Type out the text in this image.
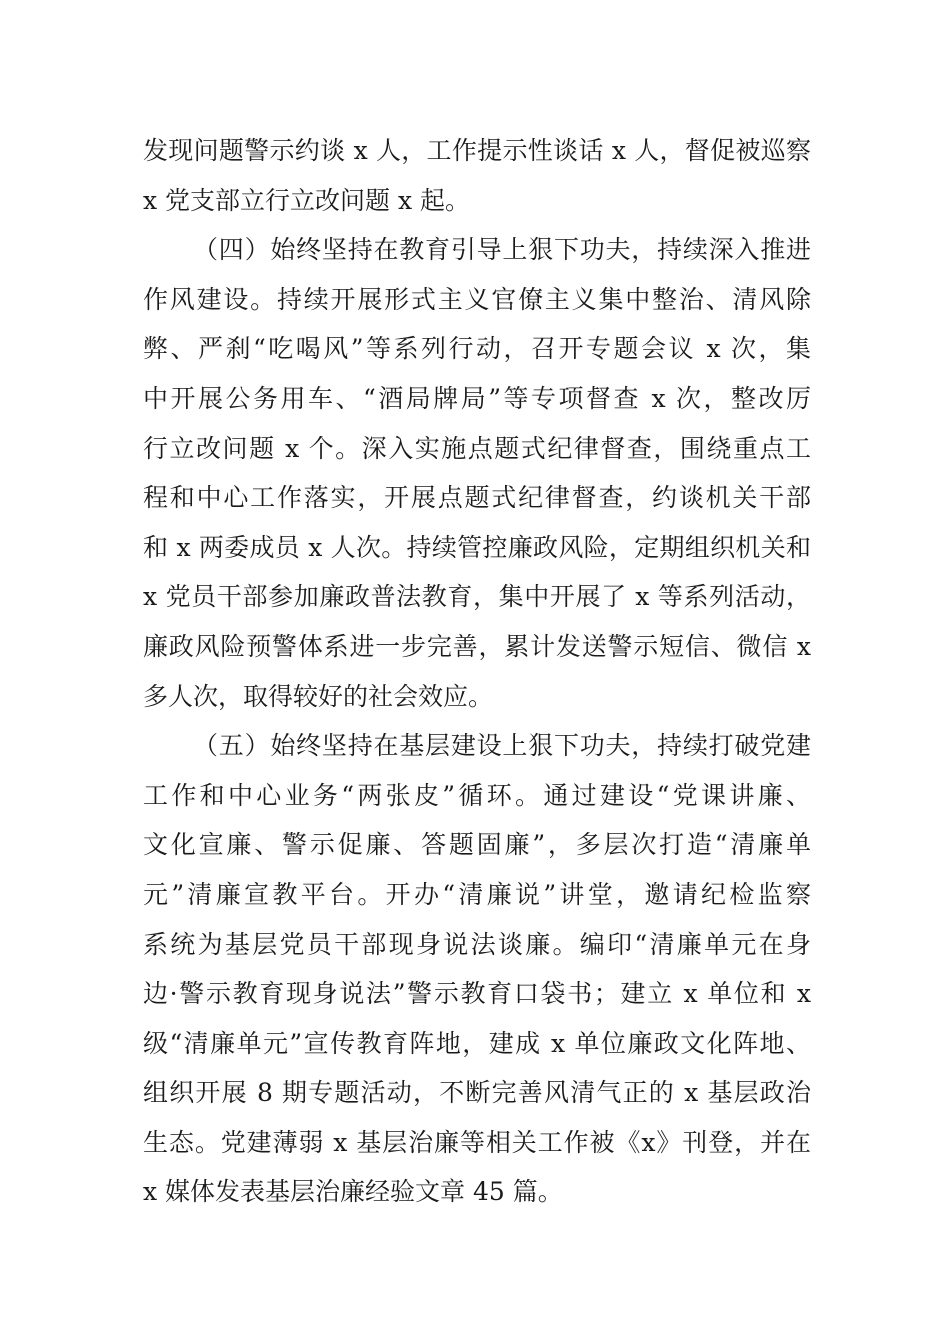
发现问题警示约谈 x 人，工作提示性谈话 x 人，督促被巡察
x 党支部立行立改问题 x 起。
（四）始终坚持在教育引导上狠下功夫，持续深入推进
作风建设。持续开展形式主义官僚主义集中整治、清风除
弊、严刹“吃喝风”等系列行动，召开专题会议 x 次，集
中开展公务用车、“酒局牌局”等专项督查 x 次，整改厉
行立改问题 x 个。深入实施点题式纪律督查，围绕重点工
程和中心工作落实，开展点题式纪律督查，约谈机关干部
和 x 两委成员 x 人次。持续管控廉政风险，定期组织机关和
x 党员干部参加廉政普法教育，集中开展了 x 等系列活动，
廉政风险预警体系进一步完善，累计发送警示短信、微信 x
多人次，取得较好的社会效应。
（五）始终坚持在基层建设上狠下功夫，持续打破党建
工作和中心业务“两张皮”循环。通过建设“党课讲廉、
文化宣廉、警示促廉、答题固廉”，多层次打造“清廉单
元”清廉宣教平台。开办“清廉说”讲堂，邀请纪检监察
系统为基层党员干部现身说法谈廉。编印“清廉单元在身
边·警示教育现身说法”警示教育口袋书；建立 x 单位和 x
级“清廉单元”宣传教育阵地，建成 x 单位廉政文化阵地、
组织开展 8 期专题活动，不断完善风清气正的 x 基层政治
生态。党建薄弱 x 基层治廉等相关工作被《x》刊登，并在
x 媒体发表基层治廉经验文章 45 篇。
